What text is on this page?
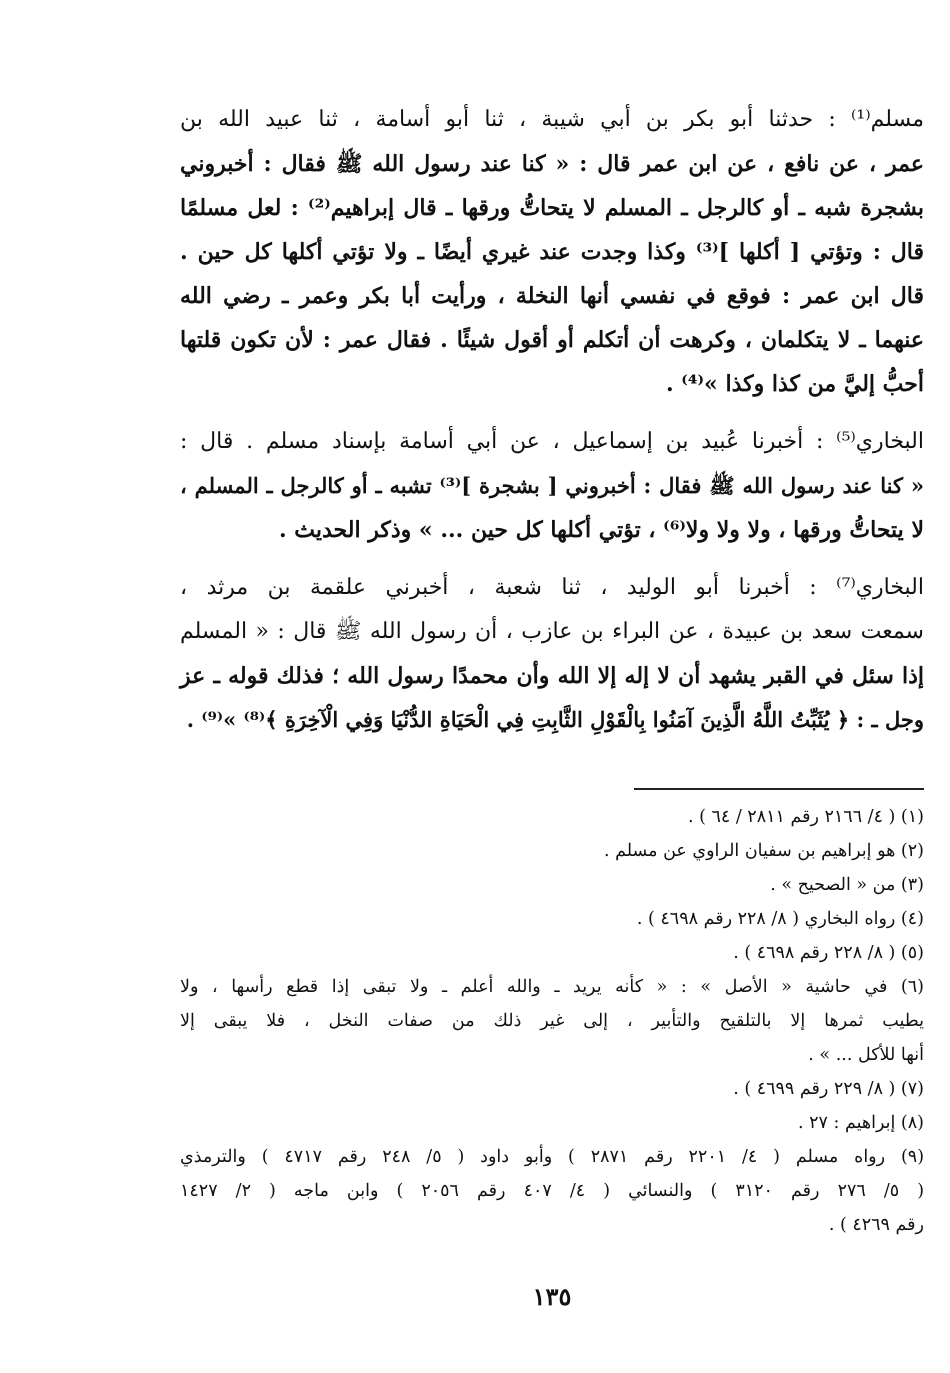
مسلم⁽¹⁾ : حدثنا أبو بكر بن أبي شيبة ، ثنا أبو أسامة ، ثنا عبيد الله بن
عمر ، عن نافع ، عن ابن عمر قال : « كنا عند رسول الله ﷺ فقال : أخبروني
بشجرة شبه ـ أو كالرجل ـ المسلم لا يتحاتُّ ورقها ـ قال إبراهيم⁽²⁾ : لعل مسلمًا
قال : وتؤتي [ أكلها ]⁽³⁾ وكذا وجدت عند غيري أيضًا ـ ولا تؤتي أكلها كل حين .
قال ابن عمر : فوقع في نفسي أنها النخلة ، ورأيت أبا بكر وعمر ـ رضي الله
عنهما ـ لا يتكلمان ، وكرهت أن أتكلم أو أقول شيئًا . فقال عمر : لأن تكون قلتها
أحبُّ إليَّ من كذا وكذا »⁽⁴⁾ .
البخاري⁽⁵⁾ : أخبرنا عُبيد بن إسماعيل ، عن أبي أسامة بإسناد مسلم . قال :
« كنا عند رسول الله ﷺ فقال : أخبروني [ بشجرة ]⁽³⁾ تشبه ـ أو كالرجل ـ المسلم ،
لا يتحاتُّ ورقها ، ولا ولا ولا⁽⁶⁾ ، تؤتي أكلها كل حين ... » وذكر الحديث .
البخاري⁽⁷⁾ : أخبرنا أبو الوليد ، ثنا شعبة ، أخبرني علقمة بن مرثد ،
سمعت سعد بن عبيدة ، عن البراء بن عازب ، أن رسول الله ﷺ قال : « المسلم
إذا سئل في القبر يشهد أن لا إله إلا الله وأن محمدًا رسول الله ؛ فذلك قوله ـ عز
وجل ـ : ﴿ يُثَبِّتُ اللَّهُ الَّذِينَ آمَنُوا بِالْقَوْلِ الثَّابِتِ فِي الْحَيَاةِ الدُّنْيَا وَفِي الْآخِرَةِ ﴾⁽⁸⁾ »⁽⁹⁾ .
(١) ( ٤/ ٢١٦٦ رقم ٢٨١١ / ٦٤ ) .
(٢) هو إبراهيم بن سفيان الراوي عن مسلم .
(٣) من « الصحيح » .
(٤) رواه البخاري ( ٨/ ٢٢٨ رقم ٤٦٩٨ ) .
(٥) ( ٨/ ٢٢٨ رقم ٤٦٩٨ ) .
(٦) في حاشية « الأصل » : « كأنه يريد ـ والله أعلم ـ ولا تبقى إذا قطع رأسها ، ولا
يطيب ثمرها إلا بالتلقيح والتأبير ، إلى غير ذلك من صفات النخل ، فلا يبقى إلا
أنها للأكل ... » .
(٧) ( ٨/ ٢٢٩ رقم ٤٦٩٩ ) .
(٨) إبراهيم : ٢٧ .
(٩) رواه مسلم ( ٤/ ٢٢٠١ رقم ٢٨٧١ ) وأبو داود ( ٥/ ٢٤٨ رقم ٤٧١٧ ) والترمذي
( ٥/ ٢٧٦ رقم ٣١٢٠ ) والنسائي ( ٤/ ٤٠٧ رقم ٢٠٥٦ ) وابن ماجه ( ٢/ ١٤٢٧
رقم ٤٢٦٩ ) .
١٣٥
